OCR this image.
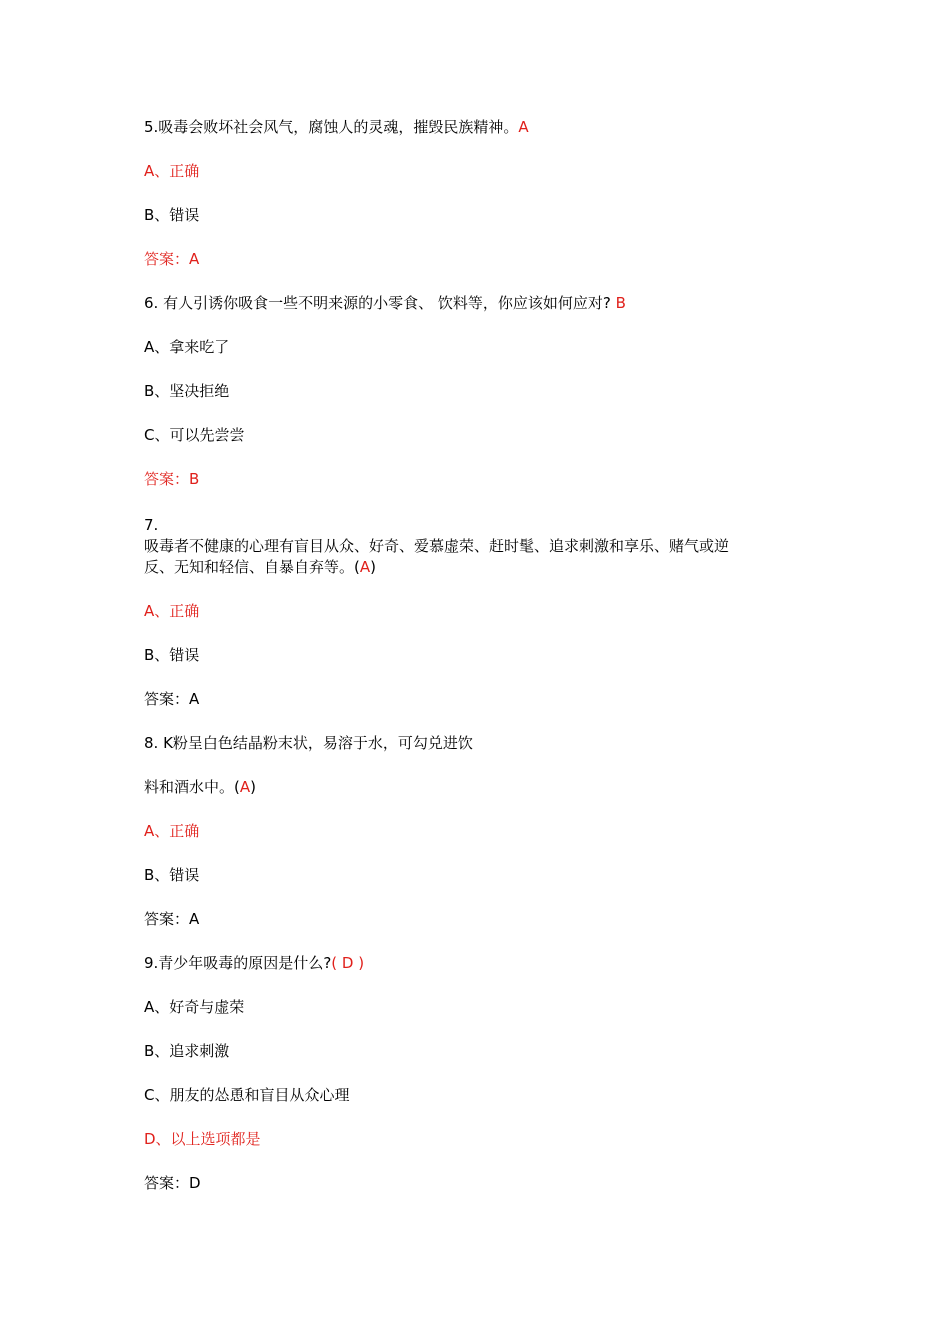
5.吸毒会败坏社会风气，腐蚀人的灵魂，摧毁民族精神。A
A、正确
B、错误
答案：A
6. 有人引诱你吸食一些不明来源的小零食、 饮料等，你应该如何应对? B
A、拿来吃了
B、坚决拒绝
C、可以先尝尝
答案：B
7.
吸毒者不健康的心理有盲目从众、好奇、爱慕虚荣、赶时髦、追求刺激和享乐、赌气或逆
反、无知和轻信、自暴自弃等。(A)
A、正确
B、错误
答案：A
8. K粉呈白色结晶粉末状，易溶于水，可勾兑进饮
料和酒水中。(A)
A、正确
B、错误
答案：A
9.青少年吸毒的原因是什么?( D )
A、好奇与虚荣
B、追求刺激
C、朋友的怂恿和盲目从众心理
D、以上选项都是
答案：D
